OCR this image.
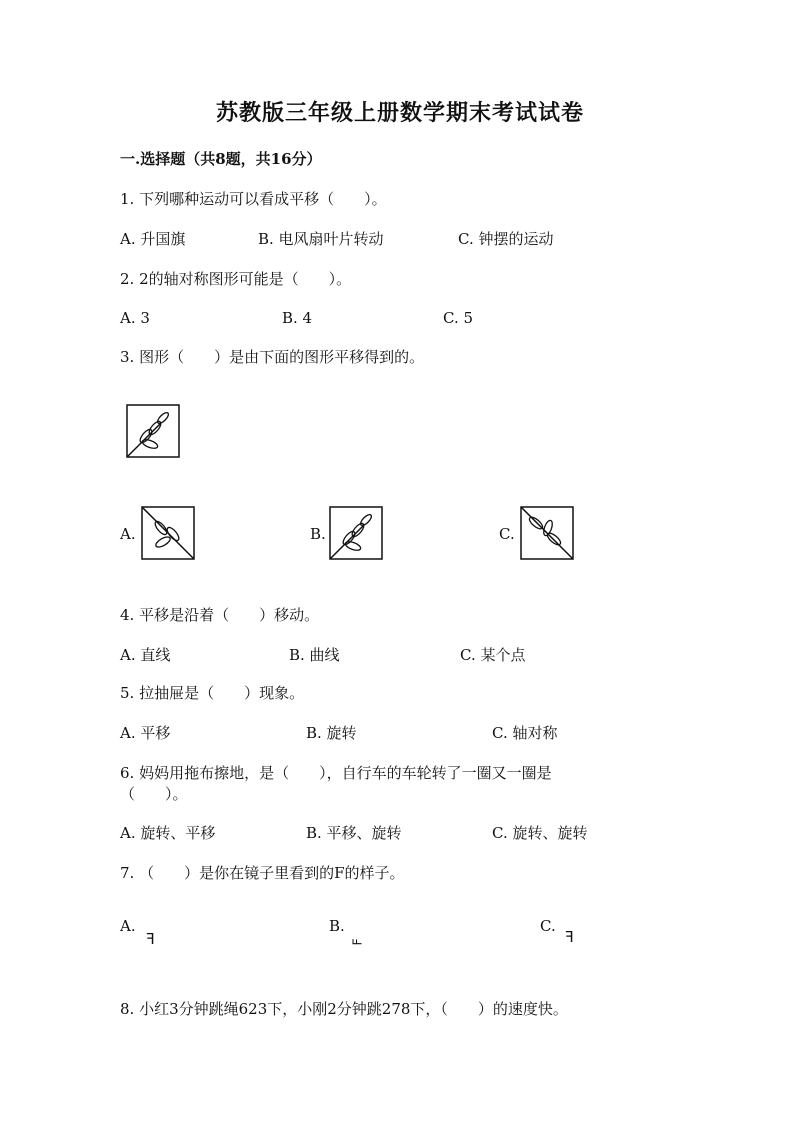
苏教版三年级上册数学期末考试试卷
一.选择题（共8题，共16分）
1. 下列哪种运动可以看成平移（　　）。
A. 升国旗	B. 电风扇叶片转动	C. 钟摆的运动
2. 2的轴对称图形可能是（　　）。
A. 3	B. 4	C. 5
3. 图形（　　）是由下面的图形平移得到的。
A.	B.	C.
4. 平移是沿着（　　）移动。
A. 直线	B. 曲线	C. 某个点
5. 拉抽屉是（　　）现象。
A. 平移	B. 旋转	C. 轴对称
6. 妈妈用拖布擦地，是（　　），自行车的车轮转了一圈又一圈是
（　　）。
A. 旋转、平移	B. 平移、旋转	C. 旋转、旋转
7. （　　）是你在镜子里看到的F的样子。
A.
F
B.
F
C.
F
8. 小红3分钟跳绳623下，小刚2分钟跳278下，（　　）的速度快。
